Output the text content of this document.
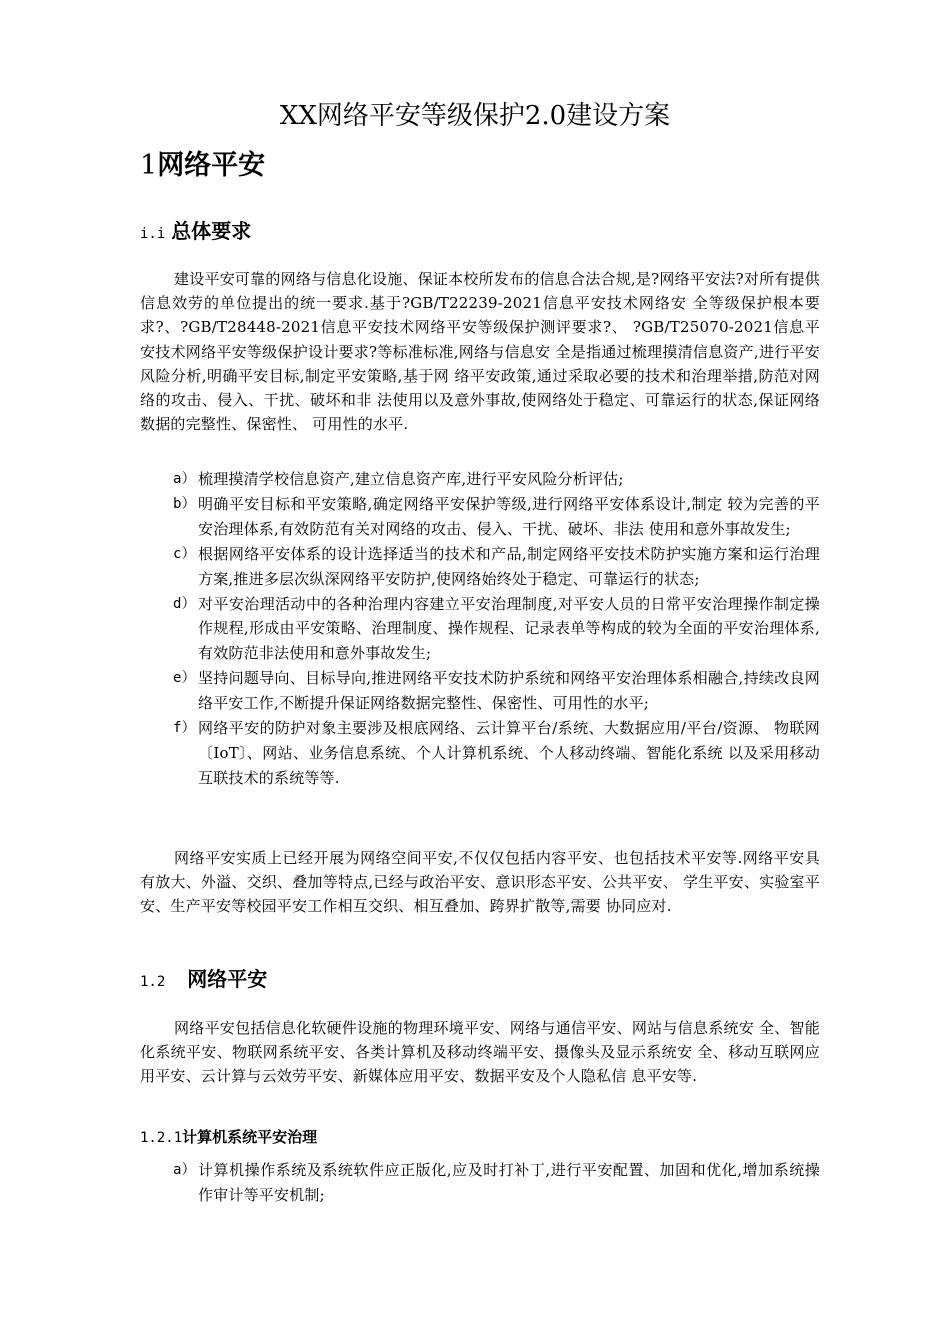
XX网络平安等级保护2.0建设方案
1网络平安
i.i 总体要求

建设平安可靠的网络与信息化设施、保证本校所发布的信息合法合规,是?网络平安法?对所有提供信息效劳的单位提出的统一要求.基于?GB/T22239-2021信息平安技术网络安 全等级保护根本要求?、?GB/T28448-2021信息平安技术网络平安等级保护测评要求?、 ?GB/T25070-2021信息平安技术网络平安等级保护设计要求?等标准标准,网络与信息安 全是指通过梳理摸清信息资产,进行平安风险分析,明确平安目标,制定平安策略,基于网 络平安政策,通过采取必要的技术和治理举措,防范对网络的攻击、侵入、干扰、破坏和非 法使用以及意外事故,使网络处于稳定、可靠运行的状态,保证网络数据的完整性、保密性、 可用性的水平.

a） 梳理摸清学校信息资产,建立信息资产库,进行平安风险分析评估;
b） 明确平安目标和平安策略,确定网络平安保护等级,进行网络平安体系设计,制定 较为完善的平安治理体系,有效防范有关对网络的攻击、侵入、干扰、破坏、非法 使用和意外事故发生;
c） 根据网络平安体系的设计选择适当的技术和产品,制定网络平安技术防护实施方案和运行治理方案,推进多层次纵深网络平安防护,使网络始终处于稳定、可靠运行的状态;
d） 对平安治理活动中的各种治理内容建立平安治理制度,对平安人员的日常平安治理操作制定操作规程,形成由平安策略、治理制度、操作规程、记录表单等构成的较为全面的平安治理体系,有效防范非法使用和意外事故发生;
e） 坚持问题导向、目标导向,推进网络平安技术防护系统和网络平安治理体系相融合,持续改良网络平安工作,不断提升保证网络数据完整性、保密性、可用性的水平;
f） 网络平安的防护对象主要涉及根底网络、云计算平台/系统、大数据应用/平台/资源、 物联网〔IoT〕、网站、业务信息系统、个人计算机系统、个人移动终端、智能化系统 以及采用移动互联技术的系统等等.

网络平安实质上已经开展为网络空间平安,不仅仅包括内容平安、也包括技术平安等.网络平安具有放大、外溢、交织、叠加等特点,已经与政治平安、意识形态平安、公共平安、 学生平安、实验室平安、生产平安等校园平安工作相互交织、相互叠加、跨界扩散等,需要 协同应对.

1.2 网络平安

网络平安包括信息化软硬件设施的物理环境平安、网络与通信平安、网站与信息系统安 全、智能化系统平安、物联网系统平安、各类计算机及移动终端平安、摄像头及显示系统安 全、移动互联网应用平安、云计算与云效劳平安、新媒体应用平安、数据平安及个人隐私信 息平安等.

1.2.1计算机系统平安治理
a） 计算机操作系统及系统软件应正版化,应及时打补丁,进行平安配置、加固和优化,增加系统操作审计等平安机制;
